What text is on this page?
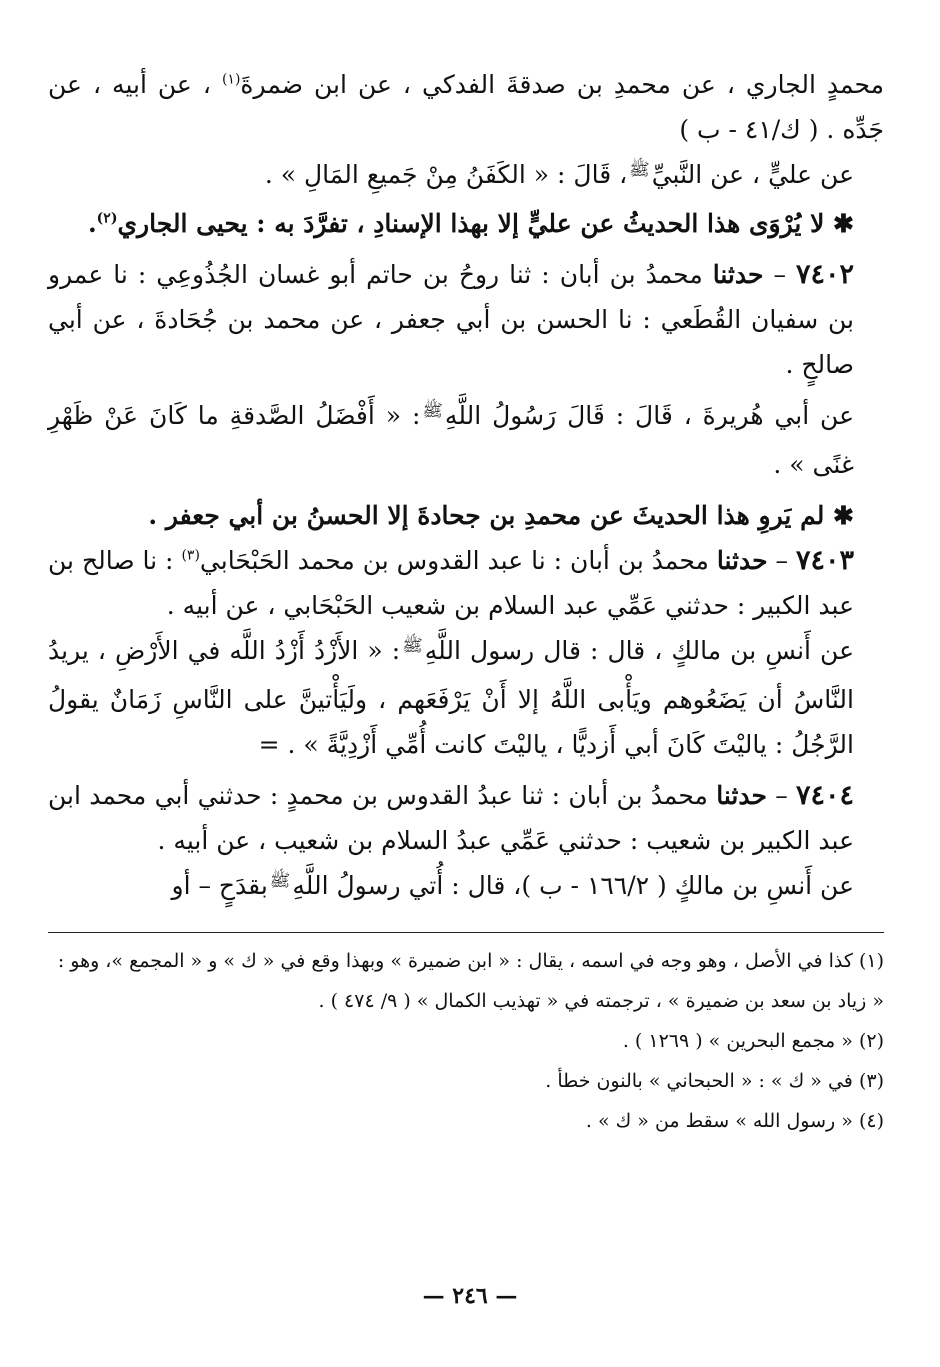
محمدٍ الجاري ، عن محمدِ بن صدقةَ الفدكي ، عن ابن ضمرةَ$^{(١)}$ ، عن أبيه ، عن جَدِّه . ( ك/٤١ - ب )

عن عليٍّ ، عن النَّبيِّ$^ﷺ$، قَالَ : « الكَفَنُ مِنْ جَميعِ المَالِ » .

✱ لا يُرْوَى هذا الحديثُ عن عليٍّ إلا بهذا الإسنادِ ، تفرَّدَ به : يحيى الجاري$^{(٢)}$.

٧٤٠٢ – حدثنا محمدُ بن أبان : ثنا روحُ بن حاتم أبو غسان الجُذُوعِي : نا عمرو بن سفيان القُطَعي : نا الحسن بن أبي جعفر ، عن محمد بن جُحَادةَ ، عن أبي صالحٍ .

عن أبي هُريرةَ ، قَالَ : قَالَ رَسُولُ اللَّهِ$^ﷺ$: « أَفْضَلُ الصَّدقةِ ما كَانَ عَنْ ظَهْرِ غنًى » .

✱ لم يَروِ هذا الحديثَ عن محمدِ بن جحادةَ إلا الحسنُ بن أبي جعفر .

٧٤٠٣ – حدثنا محمدُ بن أبان : نا عبد القدوس بن محمد الحَبْحَابي$^{(٣)}$ : نا صالح بن عبد الكبير : حدثني عَمِّي عبد السلام بن شعيب الحَبْحَابي ، عن أبيه .

عن أَنسِ بن مالكٍ ، قال : قال رسول اللَّهِ$^ﷺ$: « الأَزْدُ أَزْدُ اللَّه في الأَرْضِ ، يريدُ النَّاسُ أن يَضَعُوهم ويَأْبى اللَّهُ إلا أَنْ يَرْفَعَهم ، ولَيَأْتينَّ على النَّاسِ زَمَانٌ يقولُ الرَّجُلُ : ياليْتَ كَانَ أبي أَزديًّا ، ياليْتَ كانت أُمِّي أَزْدِيَّةً » . =

٧٤٠٤ – حدثنا محمدُ بن أبان : ثنا عبدُ القدوس بن محمدٍ : حدثني أبي محمد ابن عبد الكبير بن شعيب : حدثني عَمِّي عبدُ السلام بن شعيب ، عن أبيه .

عن أَنسِ بن مالكٍ ( ١٦٦/٢ - ب )، قال : أُتي رسولُ اللَّهِ$^ﷺ$بقدَحٍ – أو

(١) كذا في الأصل ، وهو وجه في اسمه ، يقال : « ابن ضميرة » وبهذا وقع في « ك » و « المجمع »، وهو : « زياد بن سعد بن ضميرة » ، ترجمته في « تهذيب الكمال » ( ٩/ ٤٧٤ ) .

(٢) « مجمع البحرين » ( ١٢٦٩ ) .

(٣) في « ك » : « الحبحاني » بالنون خطأ .

(٤) « رسول الله » سقط من « ك » .

— ٢٤٦ —
